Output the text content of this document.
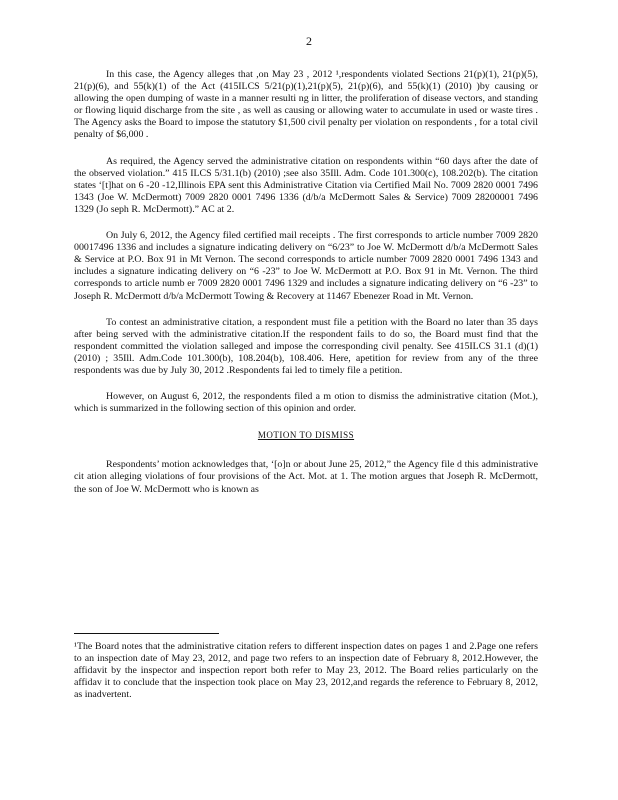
2

In this case, the Agency alleges that ,on May 23 , 2012 ¹,respondents violated Sections 21(p)(1), 21(p)(5), 21(p)(6), and 55(k)(1) of the Act (415ILCS 5/21(p)(1),21(p)(5), 21(p)(6), and 55(k)(1) (2010) )by causing or allowing the open dumping of waste in a manner resulti ng in litter, the proliferation of disease vectors, and standing or flowing liquid discharge from the site , as well as causing or allowing water to accumulate in used or waste tires . The Agency asks the Board to impose the statutory $1,500 civil penalty per violation on respondents , for a total civil penalty of $6,000 .

As required, the Agency served the administrative citation on respondents within “60 days after the date of the observed violation.” 415 ILCS 5/31.1(b) (2010) ;see also 35Ill. Adm. Code 101.300(c), 108.202(b). The citation states ‘[t]hat on 6 -20 -12,Illinois EPA sent this Administrative Citation via Certified Mail No. 7009 2820 0001 7496 1343 (Joe W. McDermott) 7009 2820 0001 7496 1336 (d/b/a McDermott Sales & Service) 7009 28200001 7496 1329 (Jo seph R. McDermott).” AC at 2.

On July 6, 2012, the Agency filed certified mail receipts . The first corresponds to article number 7009 2820 00017496 1336 and includes a signature indicating delivery on “6/23” to Joe W. McDermott d/b/a McDermott Sales & Service at P.O. Box 91 in Mt Vernon. The second corresponds to article number 7009 2820 0001 7496 1343 and includes a signature indicating delivery on “6 -23” to Joe W. McDermott at P.O. Box 91 in Mt. Vernon. The third corresponds to article numb er 7009 2820 0001 7496 1329 and includes a signature indicating delivery on “6 -23” to Joseph R. McDermott d/b/a McDermott Towing & Recovery at 11467 Ebenezer Road in Mt. Vernon.

To contest an administrative citation, a respondent must file a petition with the Board no later than 35 days after being served with the administrative citation.If the respondent fails to do so, the Board must find that the respondent committed the violation salleged and impose the corresponding civil penalty. See 415ILCS 31.1 (d)(1) (2010) ; 35Ill. Adm.Code 101.300(b), 108.204(b), 108.406. Here, apetition for review from any of the three respondents was due by July 30, 2012 .Respondents fai led to timely file a petition.

However, on August 6, 2012, the respondents filed a m otion to dismiss the administrative citation (Mot.), which is summarized in the following section of this opinion and order.

MOTION TO DISMISS

Respondents’ motion acknowledges that, ‘[o]n or about June 25, 2012,” the Agency file d this administrative cit ation alleging violations of four provisions of the Act. Mot. at 1. The motion argues that Joseph R. McDermott, the son of Joe W. McDermott who is known as

¹The Board notes that the administrative citation refers to different inspection dates on pages 1 and 2.Page one refers to an inspection date of May 23, 2012, and page two refers to an inspection date of February 8, 2012.However, the affidavit by the inspector and inspection report both refer to May 23, 2012. The Board relies particularly on the affidav it to conclude that the inspection took place on May 23, 2012,and regards the reference to February 8, 2012, as inadvertent.
